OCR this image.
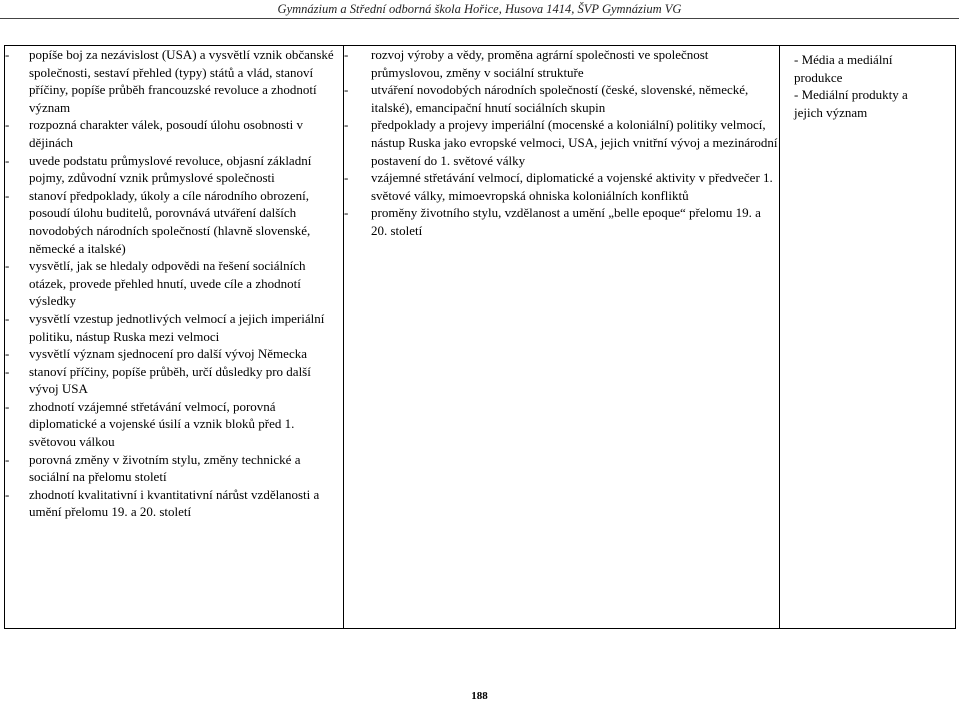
Gymnázium a Střední odborná škola Hořice, Husova 1414, ŠVP Gymnázium VG
- popíše boj za nezávislost (USA) a vysvětlí vznik občanské společnosti, sestaví přehled (typy) států a vlád, stanoví příčiny, popíše průběh francouzské revoluce a zhodnotí význam
- rozpozná charakter válek, posoudí úlohu osobnosti v dějinách
- uvede podstatu průmyslové revoluce, objasní základní pojmy, zdůvodní vznik průmyslové společnosti
- stanoví předpoklady, úkoly a cíle národního obrození, posoudí úlohu buditelů, porovnává utváření dalších novodobých národních společností (hlavně slovenské, německé a italské)
- vysvětlí, jak se hledaly odpovědi na řešení sociálních otázek, provede přehled hnutí, uvede cíle a zhodnotí výsledky
- vysvětlí vzestup jednotlivých velmocí a jejich imperiální politiku, nástup Ruska mezi velmoci
- vysvětlí význam sjednocení pro další vývoj Německa
- stanoví příčiny, popíše průběh, určí důsledky pro další vývoj USA
- zhodnotí vzájemné střetávání velmocí, porovná diplomatické a vojenské úsilí a vznik bloků před 1. světovou válkou
- porovná změny v životním stylu, změny technické a sociální na přelomu století
- zhodnotí kvalitativní i kvantitativní nárůst vzdělanosti a umění přelomu 19. a 20. století

- rozvoj výroby a vědy, proměna agrární společnosti ve společnost průmyslovou, změny v sociální struktuře
- utváření novodobých národních společností (české, slovenské, německé, italské), emancipační hnutí sociálních skupin
- předpoklady a projevy imperiální (mocenské a koloniální) politiky velmocí, nástup Ruska jako evropské velmoci, USA, jejich vnitřní vývoj a mezinárodní postavení do 1. světové války
- vzájemné střetávání velmocí, diplomatické a vojenské aktivity v předvečer 1. světové války, mimoevropská ohniska koloniálních konfliktů
- proměny životního stylu, vzdělanost a umění „belle epoque“ přelomu 19. a 20. století

- Média a mediální
produkce
- Mediální produkty a
jejich význam
188
